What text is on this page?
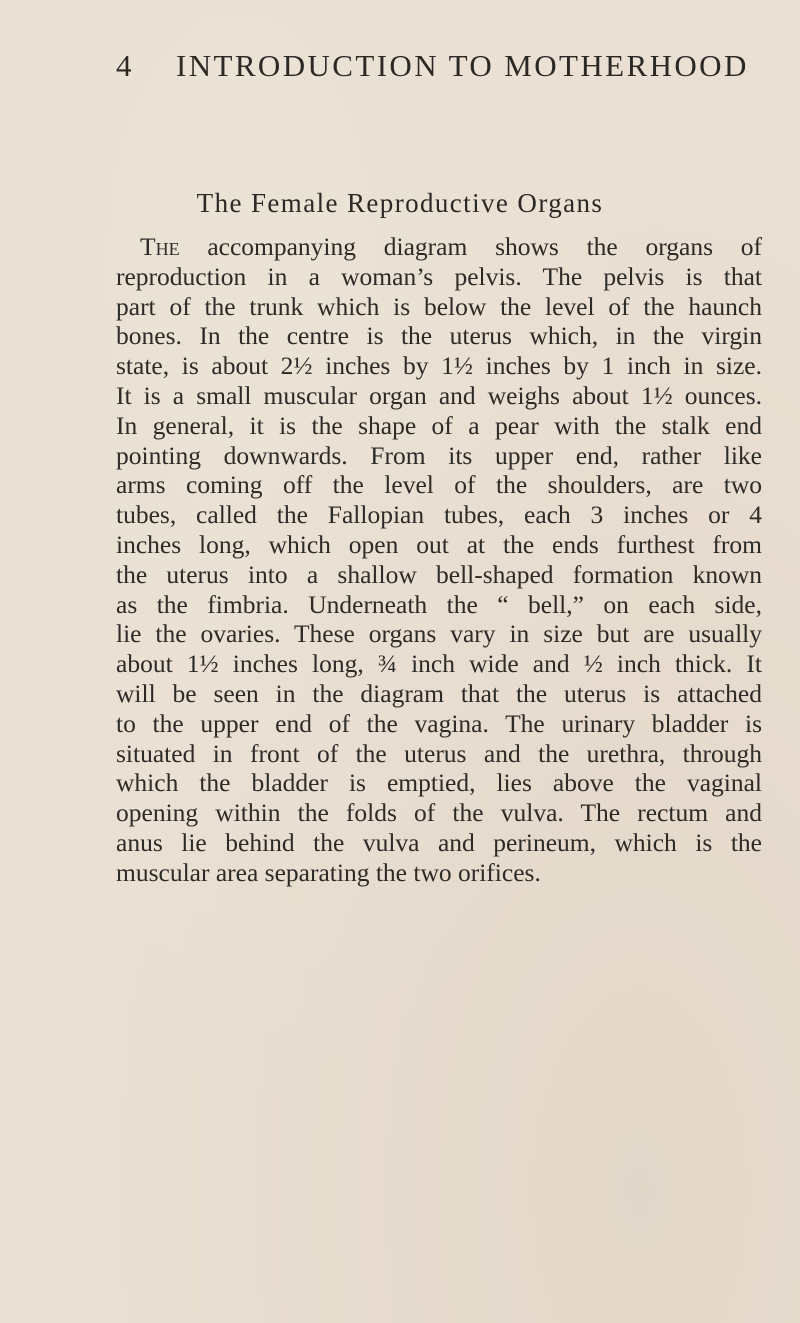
4 INTRODUCTION TO MOTHERHOOD
The Female Reproductive Organs
The accompanying diagram shows the organs of
reproduction in a woman’s pelvis. The pelvis is that
part of the trunk which is below the level of the haunch
bones. In the centre is the uterus which, in the virgin
state, is about 2½ inches by 1½ inches by 1 inch in size.
It is a small muscular organ and weighs about 1½ ounces.
In general, it is the shape of a pear with the stalk end
pointing downwards. From its upper end, rather like
arms coming off the level of the shoulders, are two
tubes, called the Fallopian tubes, each 3 inches or 4
inches long, which open out at the ends furthest from
the uterus into a shallow bell-shaped formation known
as the fimbria. Underneath the “ bell,” on each side,
lie the ovaries. These organs vary in size but are usually
about 1½ inches long, ¾ inch wide and ½ inch thick. It
will be seen in the diagram that the uterus is attached
to the upper end of the vagina. The urinary bladder is
situated in front of the uterus and the urethra, through
which the bladder is emptied, lies above the vaginal
opening within the folds of the vulva. The rectum and
anus lie behind the vulva and perineum, which is the
muscular area separating the two orifices.
